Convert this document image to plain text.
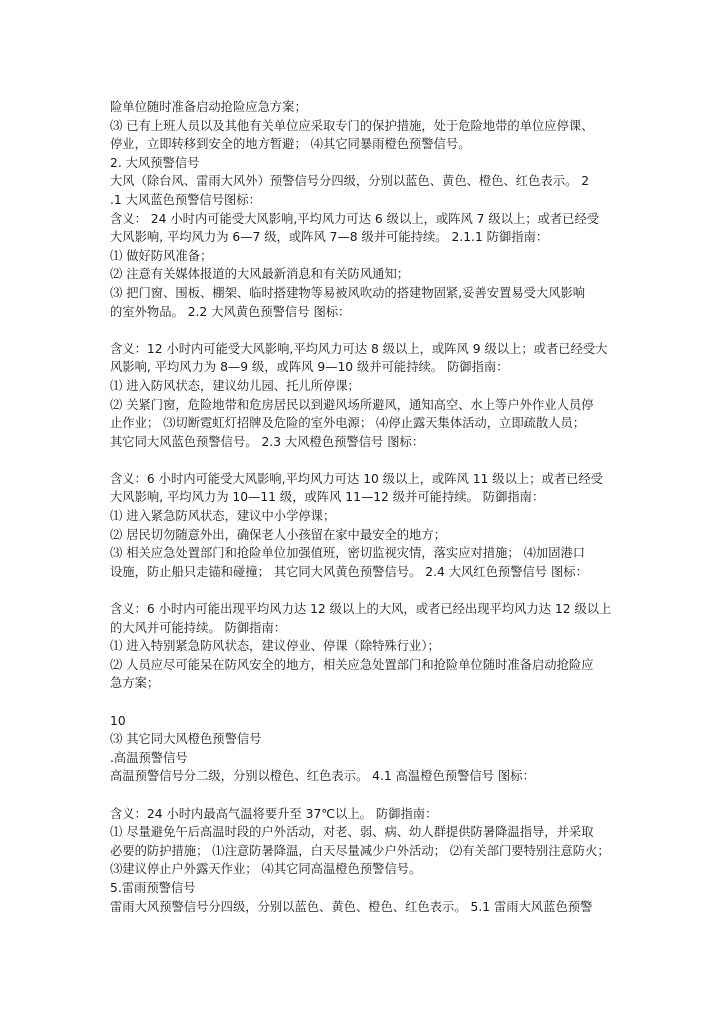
险单位随时准备启动抢险应急方案；
⑶ 已有上班人员以及其他有关单位应采取专门的保护措施，处于危险地带的单位应停课、
停业，立即转移到安全的地方暂避； ⑷其它同暴雨橙色预警信号。
2. 大风预警信号
大风（除台风、雷雨大风外）预警信号分四级，分别以蓝色、黄色、橙色、红色表示。 2
.1 大风蓝色预警信号图标：
含义： 24 小时内可能受大风影响,平均风力可达 6 级以上，或阵风 7 级以上；或者已经受
大风影响, 平均风力为 6—7 级，或阵风 7—8 级并可能持续。 2.1.1 防御指南：
⑴ 做好防风准备；
⑵ 注意有关媒体报道的大风最新消息和有关防风通知；
⑶ 把门窗、围板、棚架、临时搭建物等易被风吹动的搭建物固紧,妥善安置易受大风影响
的室外物品。 2.2 大风黄色预警信号 图标：
含义：12 小时内可能受大风影响,平均风力可达 8 级以上，或阵风 9 级以上；或者已经受大
风影响, 平均风力为 8—9 级，或阵风 9—10 级并可能持续。 防御指南：
⑴ 进入防风状态，建议幼儿园、托儿所停课；
⑵ 关紧门窗，危险地带和危房居民以到避风场所避风，通知高空、水上等户外作业人员停
止作业； ⑶切断霓虹灯招牌及危险的室外电源； ⑷停止露天集体活动，立即疏散人员；
其它同大风蓝色预警信号。 2.3 大风橙色预警信号 图标：
含义：6 小时内可能受大风影响,平均风力可达 10 级以上，或阵风 11 级以上；或者已经受
大风影响, 平均风力为 10—11 级，或阵风 11—12 级并可能持续。 防御指南：
⑴ 进入紧急防风状态，建议中小学停课；
⑵ 居民切勿随意外出，确保老人小孩留在家中最安全的地方；
⑶ 相关应急处置部门和抢险单位加强值班，密切监视灾情，落实应对措施； ⑷加固港口
设施，防止船只走锚和碰撞； 其它同大风黄色预警信号。 2.4 大风红色预警信号 图标：
含义：6 小时内可能出现平均风力达 12 级以上的大风，或者已经出现平均风力达 12 级以上
的大风并可能持续。 防御指南：
⑴ 进入特别紧急防风状态，建议停业、停课（除特殊行业）；
⑵ 人员应尽可能呆在防风安全的地方，相关应急处置部门和抢险单位随时准备启动抢险应
急方案；
10
⑶ 其它同大风橙色预警信号
.高温预警信号
高温预警信号分二级，分别以橙色、红色表示。 4.1 高温橙色预警信号 图标：
含义：24 小时内最高气温将要升至 37℃以上。 防御指南：
⑴ 尽量避免午后高温时段的户外活动，对老、弱、病、幼人群提供防暑降温指导，并采取
必要的防护措施； ⑴注意防暑降温，白天尽量减少户外活动； ⑵有关部门要特别注意防火；
⑶建议停止户外露天作业； ⑷其它同高温橙色预警信号。
5.雷雨预警信号
雷雨大风预警信号分四级，分别以蓝色、黄色、橙色、红色表示。 5.1 雷雨大风蓝色预警
